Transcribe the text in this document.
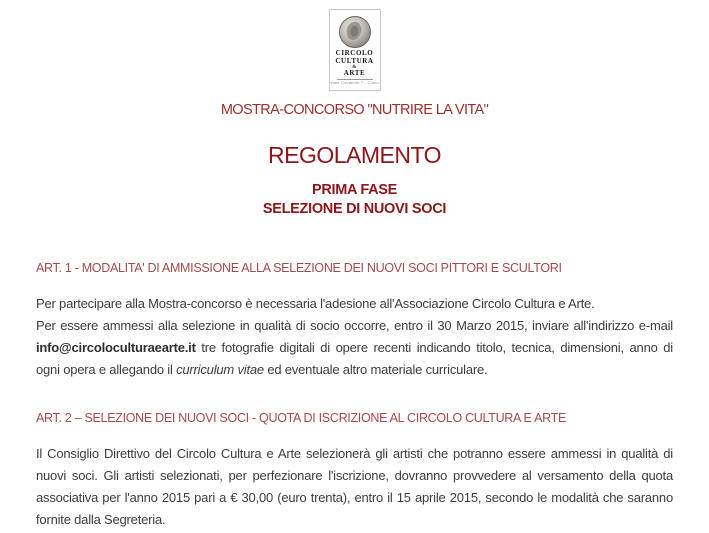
CIRCOLO
CULTURA
&
ARTE
Viale Cavallotti 7 - Como
MOSTRA-CONCORSO "NUTRIRE LA VITA"
REGOLAMENTO
PRIMA FASE
SELEZIONE DI NUOVI SOCI
ART. 1 - MODALITA' DI AMMISSIONE ALLA SELEZIONE DEI NUOVI SOCI PITTORI E SCULTORI

Per partecipare alla Mostra-concorso è necessaria l'adesione all'Associazione Circolo Cultura e Arte.
Per essere ammessi alla selezione in qualità di socio occorre, entro il 30 Marzo 2015, inviare all'indirizzo e-mail info@circoloculturaearte.it tre fotografie digitali di opere recenti indicando titolo, tecnica, dimensioni, anno di ogni opera e allegando il curriculum vitae ed eventuale altro materiale curriculare.

ART. 2 – SELEZIONE DEI NUOVI SOCI - QUOTA DI ISCRIZIONE AL CIRCOLO CULTURA E ARTE

Il Consiglio Direttivo del Circolo Cultura e Arte selezionerà gli artisti che potranno essere ammessi in qualità di nuovi soci. Gli artisti selezionati, per perfezionare l'iscrizione, dovranno provvedere al versamento della quota associativa per l'anno 2015 pari a € 30,00 (euro trenta), entro il 15 aprile 2015, secondo le modalità che saranno fornite dalla Segreteria.
